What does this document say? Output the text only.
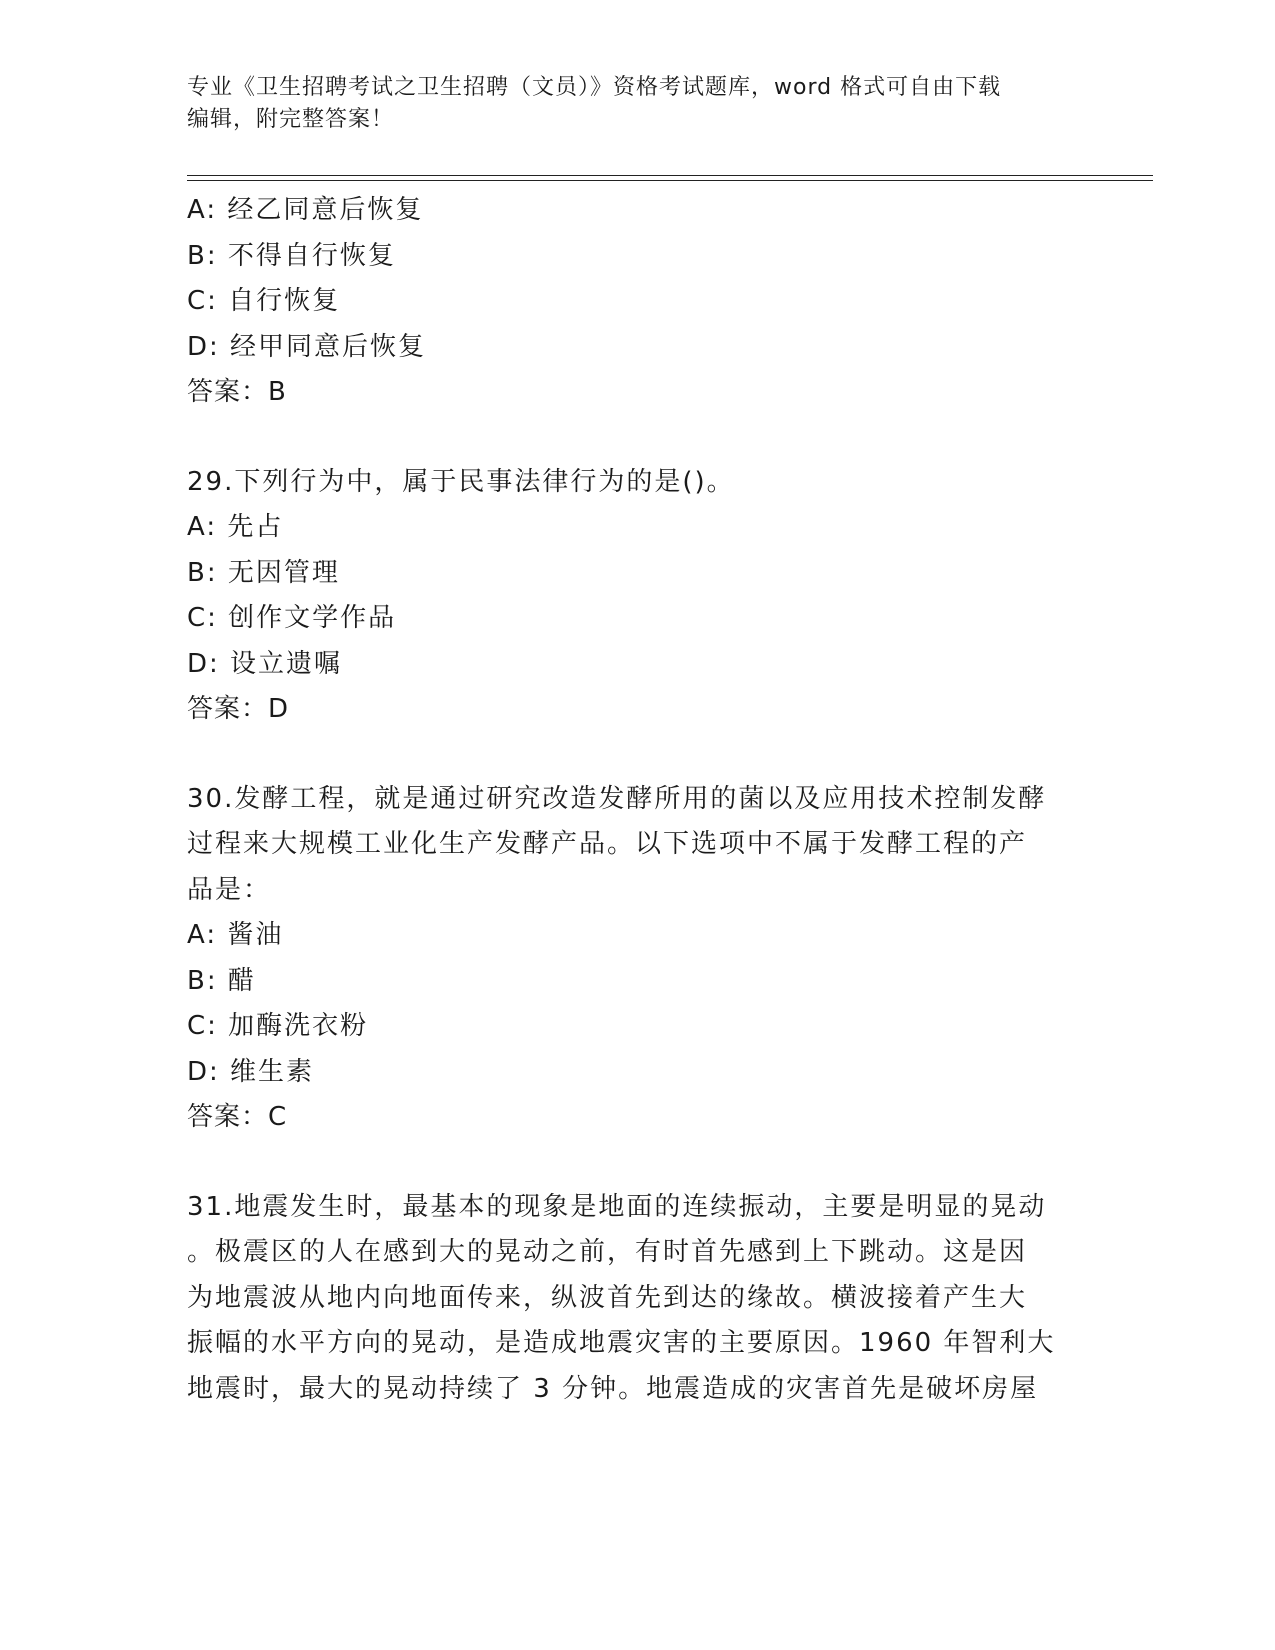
专业《卫生招聘考试之卫生招聘（文员）》资格考试题库，word 格式可自由下载
编辑，附完整答案！
A: 经乙同意后恢复
B: 不得自行恢复
C: 自行恢复
D: 经甲同意后恢复
答案：B
29.下列行为中，属于民事法律行为的是()。
A: 先占
B: 无因管理
C: 创作文学作品
D: 设立遗嘱
答案：D
30.发酵工程，就是通过研究改造发酵所用的菌以及应用技术控制发酵
过程来大规模工业化生产发酵产品。以下选项中不属于发酵工程的产
品是：
A: 酱油
B: 醋
C: 加酶洗衣粉
D: 维生素
答案：C
31.地震发生时，最基本的现象是地面的连续振动，主要是明显的晃动
。极震区的人在感到大的晃动之前，有时首先感到上下跳动。这是因
为地震波从地内向地面传来，纵波首先到达的缘故。横波接着产生大
振幅的水平方向的晃动，是造成地震灾害的主要原因。1960 年智利大
地震时，最大的晃动持续了 3 分钟。地震造成的灾害首先是破坏房屋
